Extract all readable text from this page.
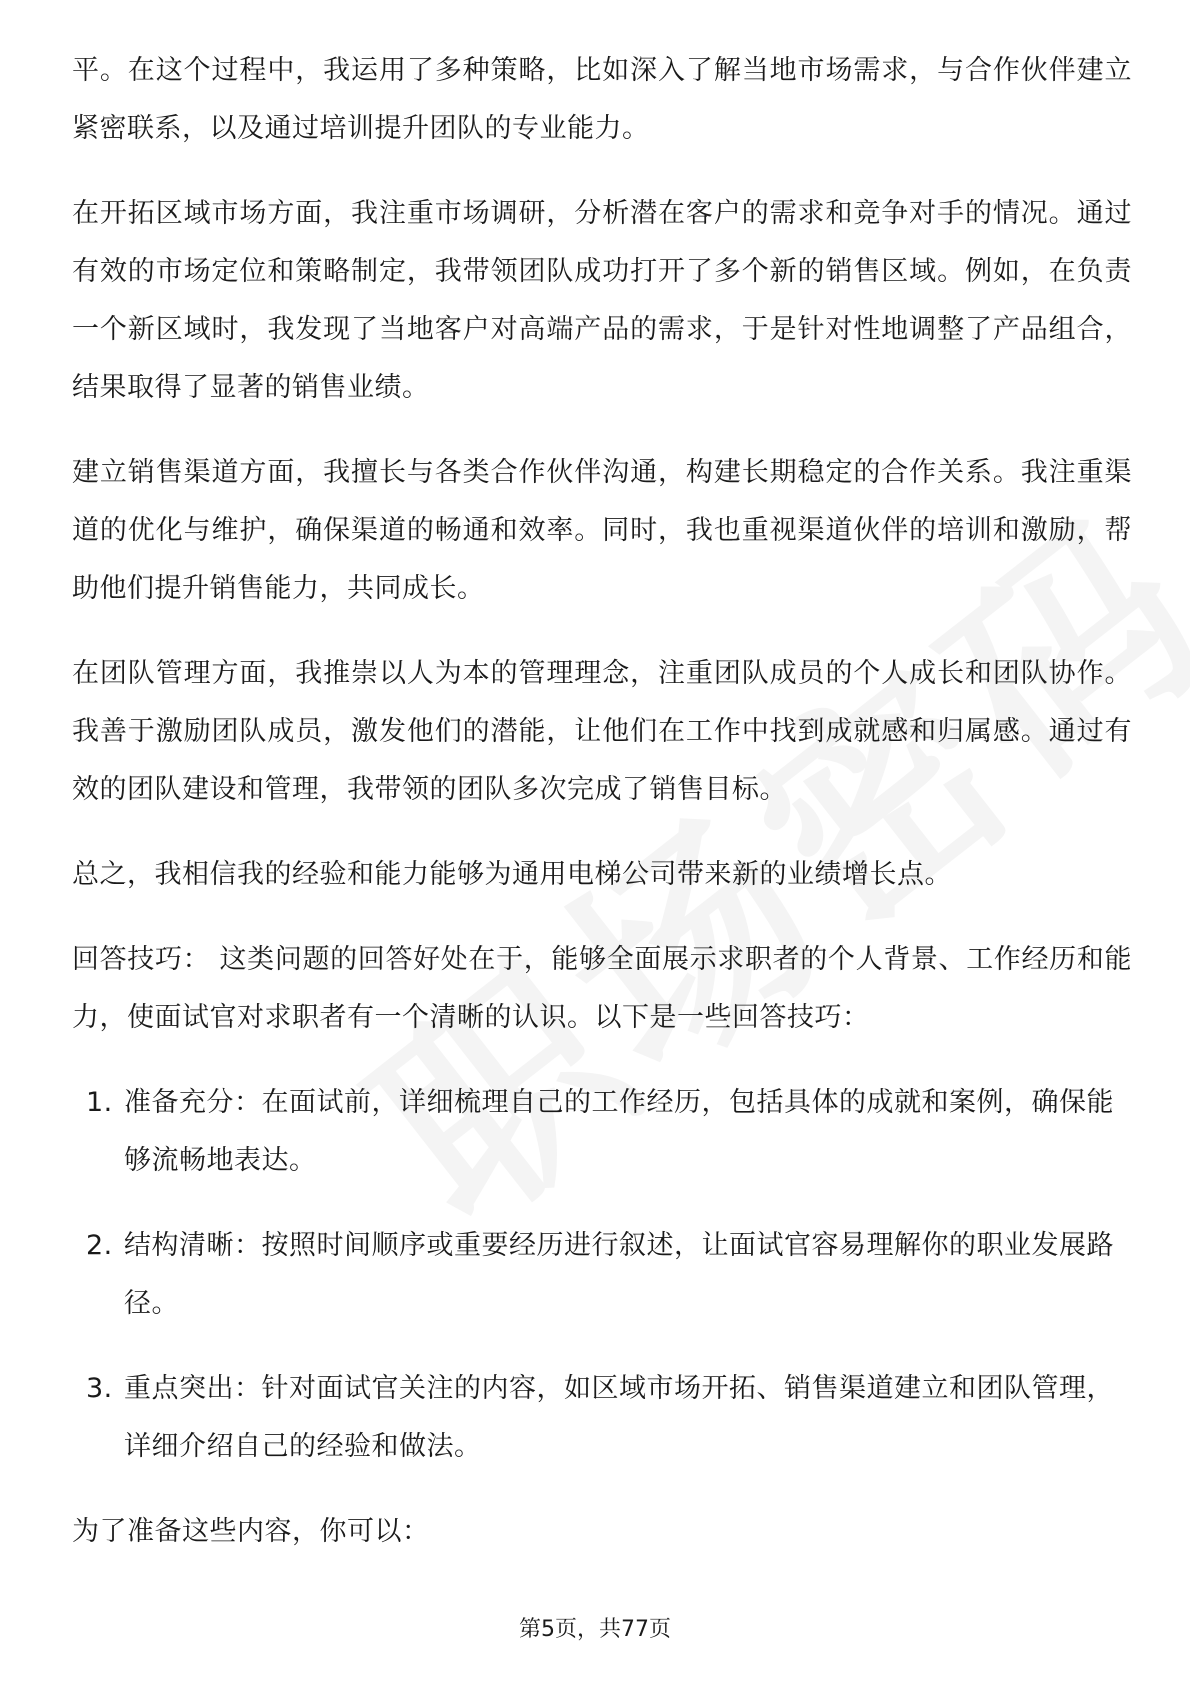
平。在这个过程中，我运用了多种策略，比如深入了解当地市场需求，与合作伙伴建立紧密联系，以及通过培训提升团队的专业能力。

在开拓区域市场方面，我注重市场调研，分析潜在客户的需求和竞争对手的情况。通过有效的市场定位和策略制定，我带领团队成功打开了多个新的销售区域。例如，在负责一个新区域时，我发现了当地客户对高端产品的需求，于是针对性地调整了产品组合，结果取得了显著的销售业绩。

建立销售渠道方面，我擅长与各类合作伙伴沟通，构建长期稳定的合作关系。我注重渠道的优化与维护，确保渠道的畅通和效率。同时，我也重视渠道伙伴的培训和激励，帮助他们提升销售能力，共同成长。

在团队管理方面，我推崇以人为本的管理理念，注重团队成员的个人成长和团队协作。我善于激励团队成员，激发他们的潜能，让他们在工作中找到成就感和归属感。通过有效的团队建设和管理，我带领的团队多次完成了销售目标。

总之，我相信我的经验和能力能够为通用电梯公司带来新的业绩增长点。

回答技巧： 这类问题的回答好处在于，能够全面展示求职者的个人背景、工作经历和能力，使面试官对求职者有一个清晰的认识。以下是一些回答技巧：

1. 准备充分：在面试前，详细梳理自己的工作经历，包括具体的成就和案例，确保能够流畅地表达。
2. 结构清晰：按照时间顺序或重要经历进行叙述，让面试官容易理解你的职业发展路径。
3. 重点突出：针对面试官关注的内容，如区域市场开拓、销售渠道建立和团队管理，详细介绍自己的经验和做法。

为了准备这些内容，你可以：

第5页，共77页
